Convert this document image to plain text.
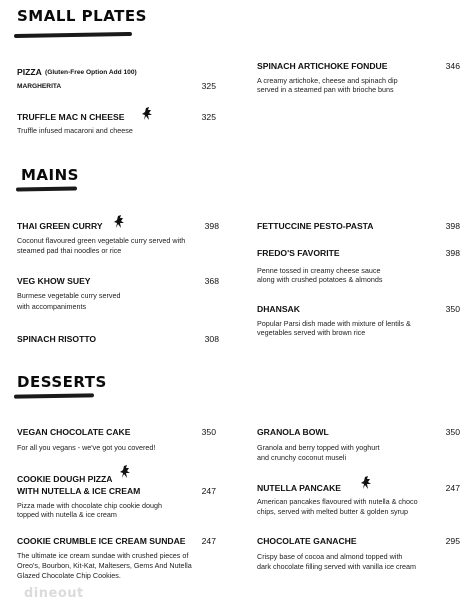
SMALL PLATES
PIZZA (Gluten-Free Option Add 100)
MARGHERITA	325
TRUFFLE MAC N CHEESE	325
Truffle infused macaroni and cheese
SPINACH ARTICHOKE FONDUE	346
A creamy artichoke, cheese and spinach dip
served in a steamed pan with brioche buns
MAINS
THAI GREEN CURRY	398
Coconut flavoured green vegetable curry served with
steamed pad thai noodles or rice
VEG KHOW SUEY	368
Burmese vegetable curry served
with accompaniments
SPINACH RISOTTO	308
FETTUCCINE PESTO-PASTA	398
FREDO'S FAVORITE	398
Penne tossed in creamy cheese sauce
along with crushed potatoes & almonds
DHANSAK	350
Popular Parsi dish made with mixture of lentils &
vegetables served with brown rice
DESSERTS
VEGAN CHOCOLATE CAKE	350
For all you vegans - we've got you covered!
COOKIE DOUGH PIZZA
WITH NUTELLA & ICE CREAM	247
Pizza made with chocolate chip cookie dough
topped with nutella & ice cream
COOKIE CRUMBLE ICE CREAM SUNDAE	247
The ultimate ice cream sundae with crushed pieces of
Oreo's, Bourbon, Kit-Kat, Maltesers, Gems And Nutella
Glazed Chocolate Chip Cookies.
GRANOLA BOWL	350
Granola and berry topped with yoghurt
and crunchy coconut museli
NUTELLA PANCAKE	247
American pancakes flavoured with nutella & choco
chips, served with melted butter & golden syrup
CHOCOLATE GANACHE	295
Crispy base of cocoa and almond topped with
dark chocolate filling served with vanilla ice cream
dineout
